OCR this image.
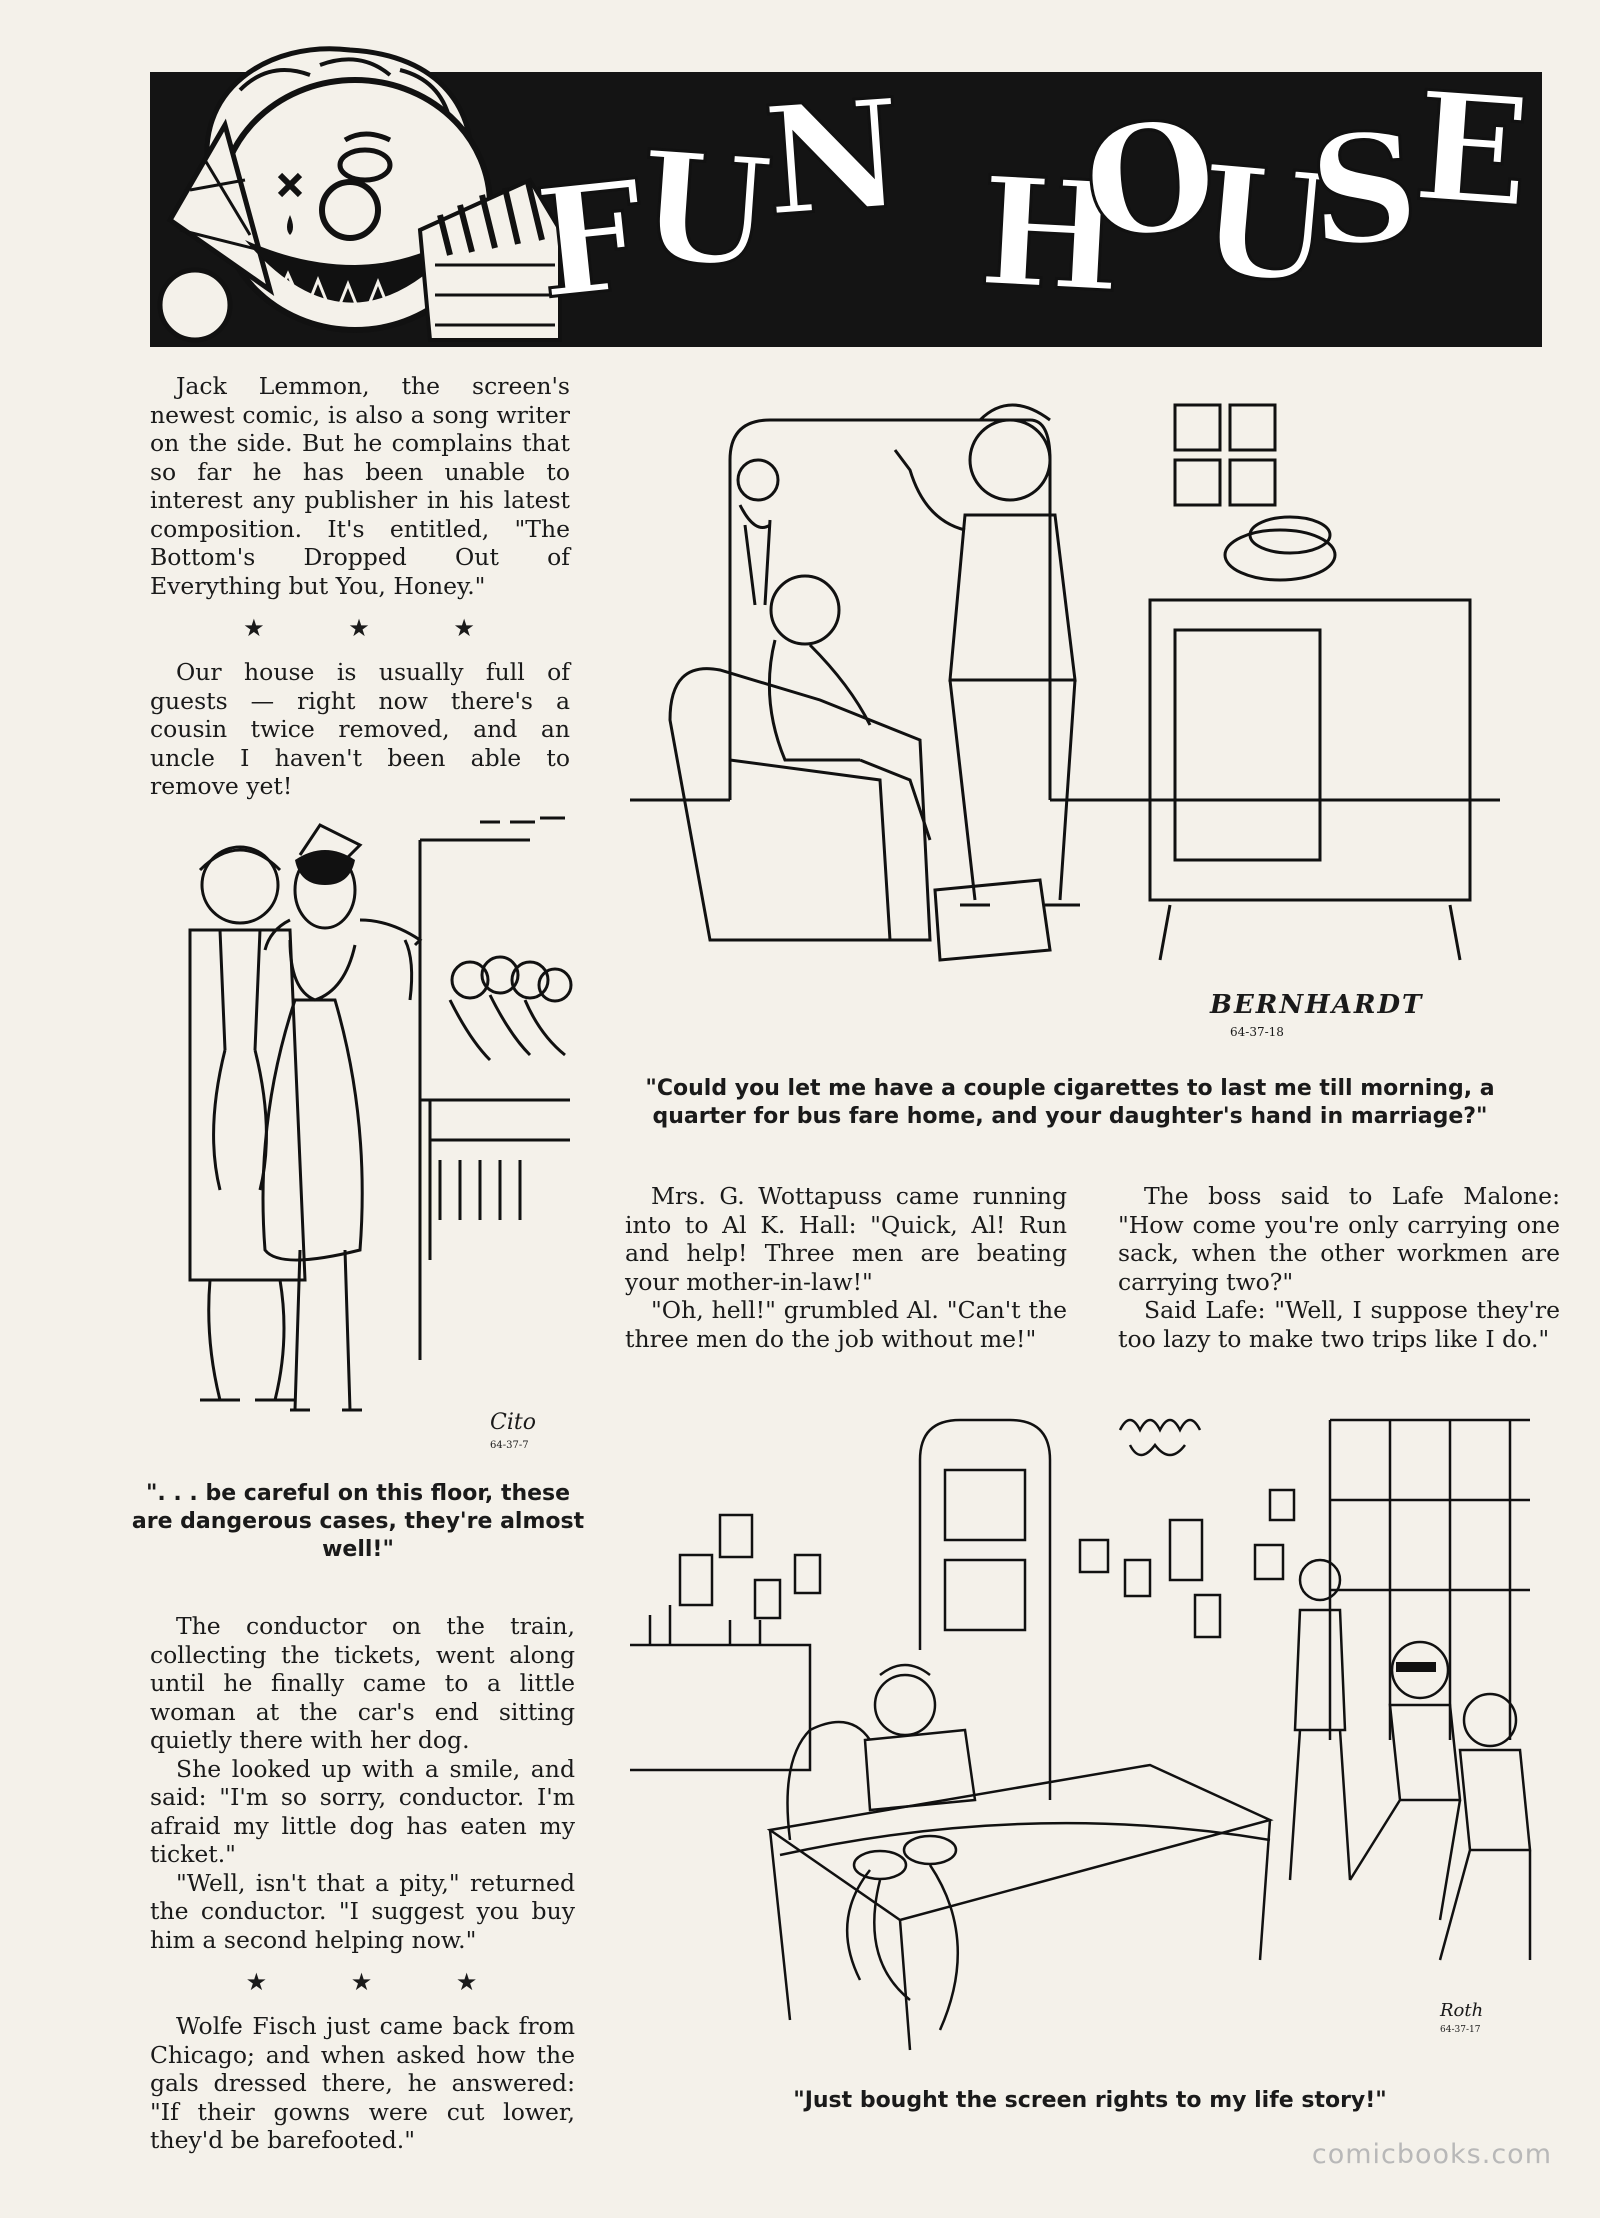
F
U
N H
O
U
S
E

Jack Lemmon, the screen's newest comic, is also a song writer on the side. But he complains that so far he has been unable to interest any publisher in his latest composition. It's entitled, "The Bottom's Dropped Out of Everything but You, Honey."

★ ★ ★

Our house is usually full of guests — right now there's a cousin twice removed, and an uncle I haven't been able to remove yet!

Cito
64-37-7
". . . be careful on this floor, these are dangerous cases, they're almost well!"

The conductor on the train, collecting the tickets, went along until he finally came to a little woman at the car's end sitting quietly there with her dog.

She looked up with a smile, and said: "I'm so sorry, conductor. I'm afraid my little dog has eaten my ticket."

"Well, isn't that a pity," returned the conductor. "I suggest you buy him a second helping now."

★ ★ ★

Wolfe Fisch just came back from Chicago; and when asked how the gals dressed there, he answered: "If their gowns were cut lower, they'd be barefooted."

BERNHARDT
64-37-18
"Could you let me have a couple cigarettes to last me till morning, a quarter for bus fare home, and your daughter's hand in marriage?"

Mrs. G. Wottapuss came running into to Al K. Hall: "Quick, Al! Run and help! Three men are beating your mother-in-law!"

"Oh, hell!" grumbled Al. "Can't the three men do the job without me!"

The boss said to Lafe Malone: "How come you're only carrying one sack, when the other workmen are carrying two?"

Said Lafe: "Well, I suppose they're too lazy to make two trips like I do."

Roth
64-37-17
"Just bought the screen rights to my life story!"
comicbooks.com
